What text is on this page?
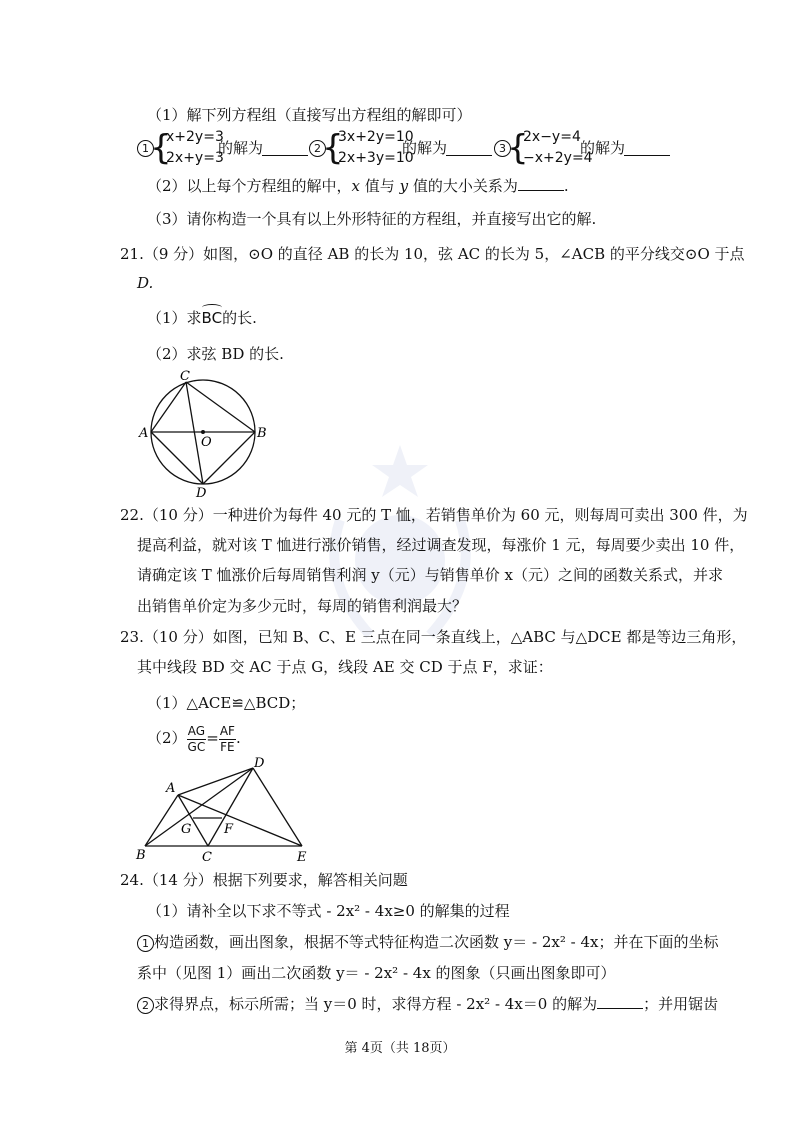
（1）解下列方程组（直接写出方程组的解即可）
1 {
x+2y=3
2x+y=3
的解为	2 {
3x+2y=10
2x+3y=10
的解为	3 {
2x−y=4
−x+2y=4
的解为
（2）以上每个方程组的解中，x 值与 y 值的大小关系为	.
（3）请你构造一个具有以上外形特征的方程组，并直接写出它的解.
21.（9 分）如图，⊙O 的直径 AB 的长为 10，弦 AC 的长为 5，∠ACB 的平分线交⊙O 于点
D.
（1）求BC的长.
（2）求弦 BD 的长.
C
A
O
B
D
22.（10 分）一种进价为每件 40 元的 T 恤，若销售单价为 60 元，则每周可卖出 300 件，为
提高利益，就对该 T 恤进行涨价销售，经过调查发现，每涨价 1 元，每周要少卖出 10 件，
请确定该 T 恤涨价后每周销售利润 y（元）与销售单价 x（元）之间的函数关系式，并求
出销售单价定为多少元时，每周的销售利润最大？
23.（10 分）如图，已知 B、C、E 三点在同一条直线上，△ABC 与△DCE 都是等边三角形，
其中线段 BD 交 AC 于点 G，线段 AE 交 CD 于点 F，求证：
（1）△ACE≌△BCD；
$(2) \frac{AG}{GC} = \frac{AF}{FE}$ .
A
B	C
D
E
F
G
24.（14 分）根据下列要求，解答相关问题
（1）请补全以下求不等式 - 2x² - 4x≥0 的解集的过程
1 构造函数，画出图象，根据不等式特征构造二次函数 y＝ - 2x² - 4x；并在下面的坐标
系中（见图 1）画出二次函数 y＝ - 2x² - 4x 的图象（只画出图象即可）
2 求得界点，标示所需；当 y＝0 时，求得方程 - 2x² - 4x＝0 的解为	；并用锯齿
第 4页（共 18页）
